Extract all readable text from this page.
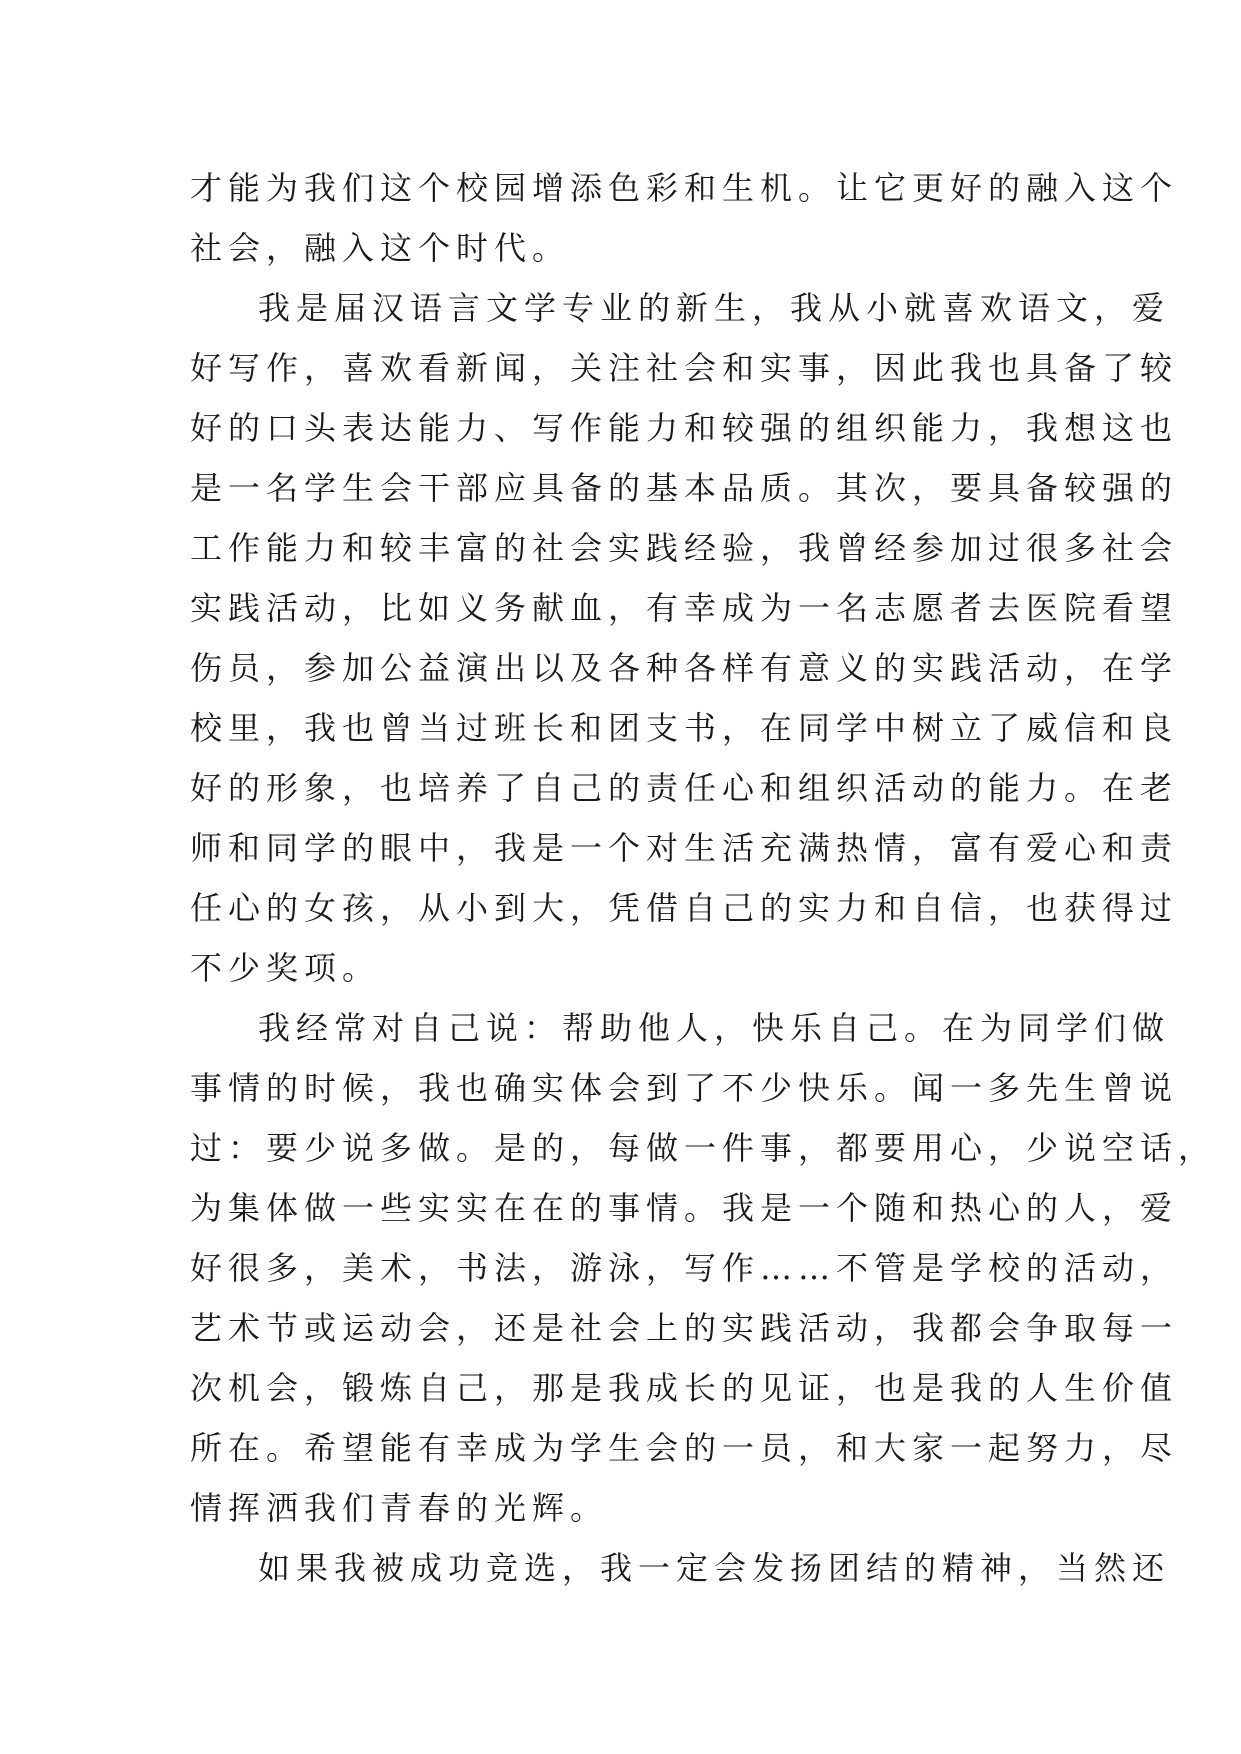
才能为我们这个校园增添色彩和生机。让它更好的融入这个
社会，融入这个时代。
我是届汉语言文学专业的新生，我从小就喜欢语文，爱
好写作，喜欢看新闻，关注社会和实事，因此我也具备了较
好的口头表达能力、写作能力和较强的组织能力，我想这也
是一名学生会干部应具备的基本品质。其次，要具备较强的
工作能力和较丰富的社会实践经验，我曾经参加过很多社会
实践活动，比如义务献血，有幸成为一名志愿者去医院看望
伤员，参加公益演出以及各种各样有意义的实践活动，在学
校里，我也曾当过班长和团支书，在同学中树立了威信和良
好的形象，也培养了自己的责任心和组织活动的能力。在老
师和同学的眼中，我是一个对生活充满热情，富有爱心和责
任心的女孩，从小到大，凭借自己的实力和自信，也获得过
不少奖项。
我经常对自己说：帮助他人，快乐自己。在为同学们做
事情的时候，我也确实体会到了不少快乐。闻一多先生曾说
过：要少说多做。是的，每做一件事，都要用心，少说空话，
为集体做一些实实在在的事情。我是一个随和热心的人，爱
好很多，美术，书法，游泳，写作……不管是学校的活动，
艺术节或运动会，还是社会上的实践活动，我都会争取每一
次机会，锻炼自己，那是我成长的见证，也是我的人生价值
所在。希望能有幸成为学生会的一员，和大家一起努力，尽
情挥洒我们青春的光辉。
如果我被成功竞选，我一定会发扬团结的精神，当然还
